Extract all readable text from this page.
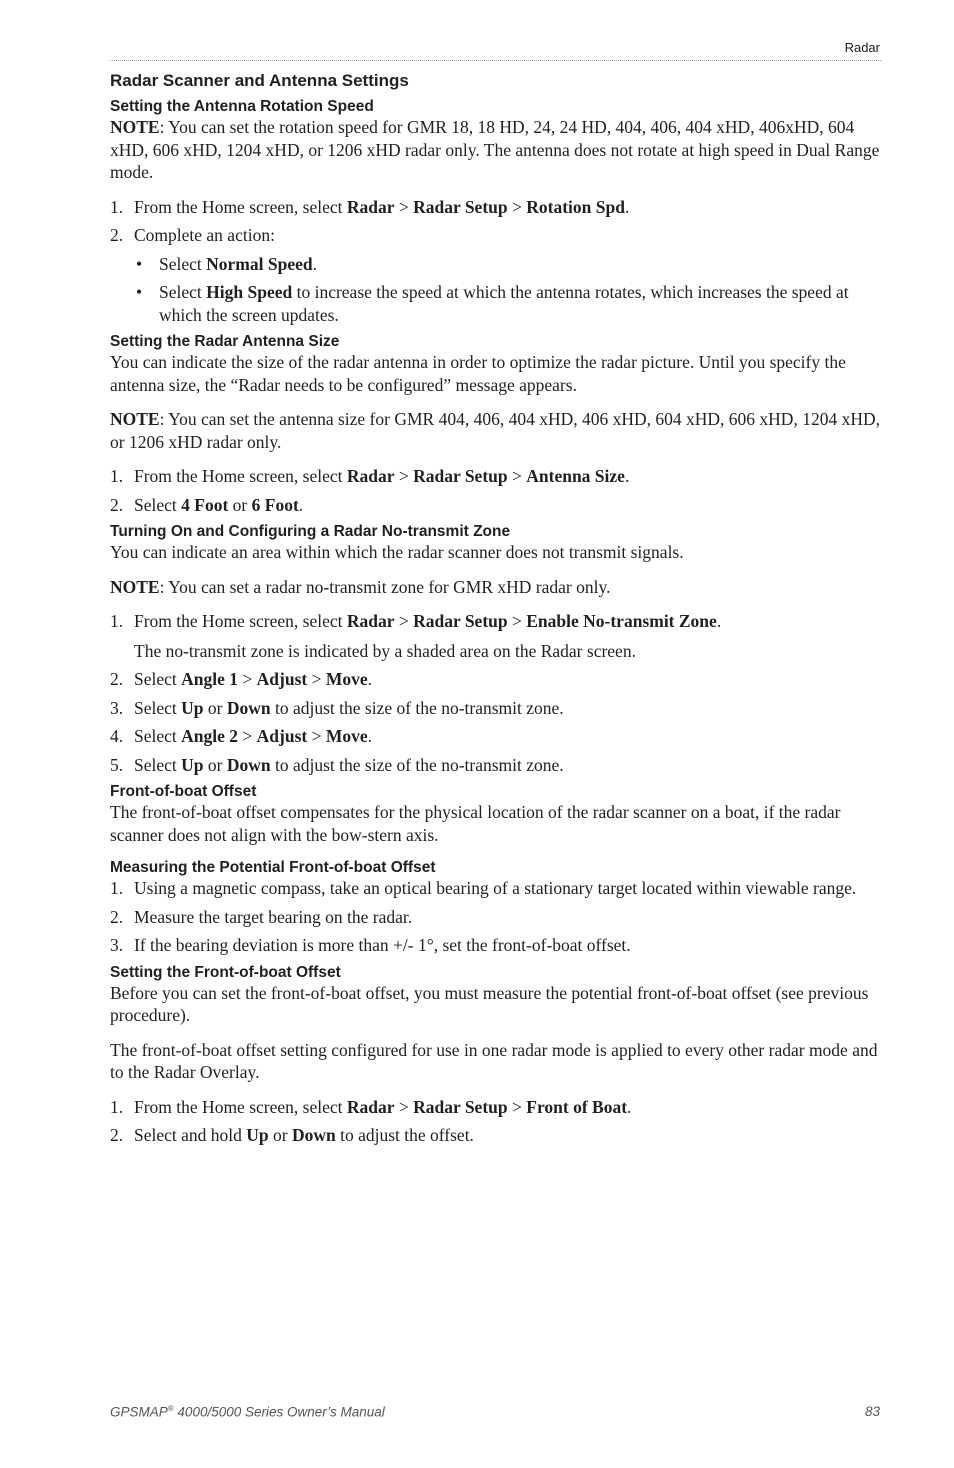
Radar
Radar Scanner and Antenna Settings
Setting the Antenna Rotation Speed

NOTE: You can set the rotation speed for GMR 18, 18 HD, 24, 24 HD, 404, 406, 404 xHD, 406xHD, 604 xHD, 606 xHD, 1204 xHD, or 1206 xHD radar only. The antenna does not rotate at high speed in Dual Range mode.

1. From the Home screen, select Radar > Radar Setup > Rotation Spd.
2. Complete an action:
• Select Normal Speed.
• Select High Speed to increase the speed at which the antenna rotates, which increases the speed at which the screen updates.
Setting the Radar Antenna Size

You can indicate the size of the radar antenna in order to optimize the radar picture. Until you specify the antenna size, the “Radar needs to be configured” message appears.

NOTE: You can set the antenna size for GMR 404, 406, 404 xHD, 406 xHD, 604 xHD, 606 xHD, 1204 xHD, or 1206 xHD radar only.

1. From the Home screen, select Radar > Radar Setup > Antenna Size.
2. Select 4 Foot or 6 Foot.
Turning On and Configuring a Radar No-transmit Zone

You can indicate an area within which the radar scanner does not transmit signals.

NOTE: You can set a radar no-transmit zone for GMR xHD radar only.

1. From the Home screen, select Radar > Radar Setup > Enable No-transmit Zone.
The no-transmit zone is indicated by a shaded area on the Radar screen.
2. Select Angle 1 > Adjust > Move.
3. Select Up or Down to adjust the size of the no-transmit zone.
4. Select Angle 2 > Adjust > Move.
5. Select Up or Down to adjust the size of the no-transmit zone.
Front-of-boat Offset

The front-of-boat offset compensates for the physical location of the radar scanner on a boat, if the radar scanner does not align with the bow-stern axis.

Measuring the Potential Front-of-boat Offset
1. Using a magnetic compass, take an optical bearing of a stationary target located within viewable range.
2. Measure the target bearing on the radar.
3. If the bearing deviation is more than +/- 1°, set the front-of-boat offset.
Setting the Front-of-boat Offset

Before you can set the front-of-boat offset, you must measure the potential front-of-boat offset (see previous procedure).

The front-of-boat offset setting configured for use in one radar mode is applied to every other radar mode and to the Radar Overlay.

1. From the Home screen, select Radar > Radar Setup > Front of Boat.
2. Select and hold Up or Down to adjust the offset.
GPSMAP® 4000/5000 Series Owner’s Manual	83
